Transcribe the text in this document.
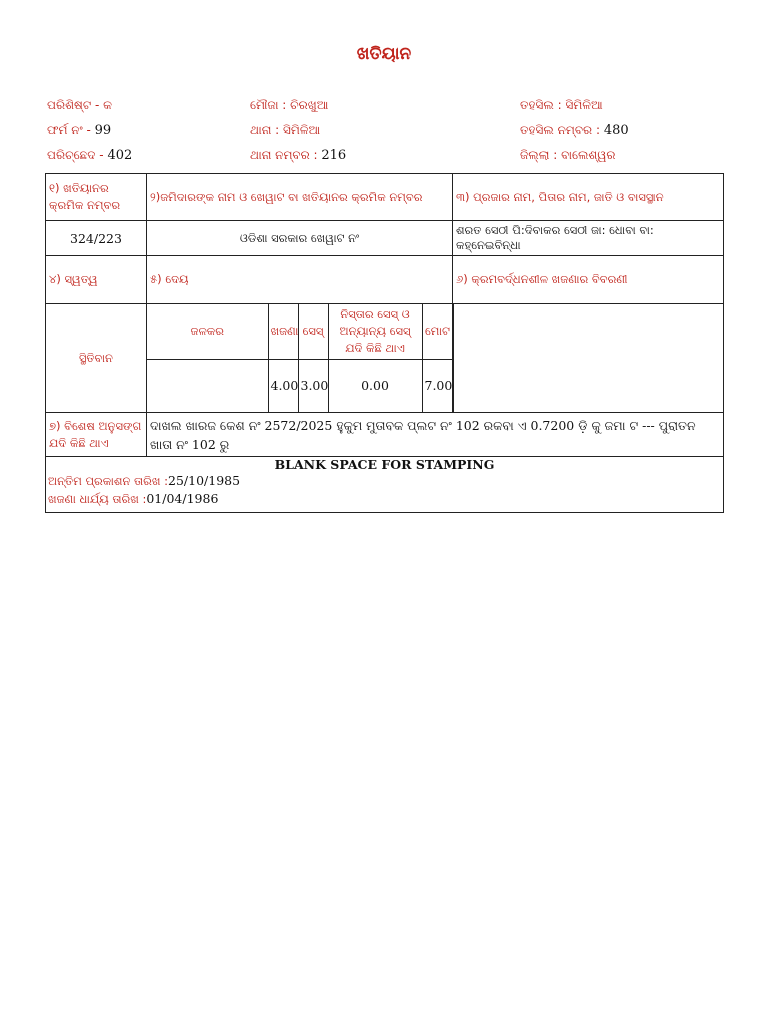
ଖତିୟାନ
ପରିଶିଷ୍ଟ - କ
ଫର୍ମ ନଂ - 99
ପରିଚ୍ଛେଦ - 402
ମୌଜା : ଚିରଖୁଆ
ଥାନା : ସିମିଳିଆ
ଥାନା ନମ୍ବର : 216
ତହସିଲ : ସିମିଳିଆ
ତହସିଲ ନମ୍ବର : 480
ଜିଲ୍ଲା : ବାଲେଶ୍ୱର
୧) ଖତିୟାନର କ୍ରମିକ ନମ୍ବର	୨)ଜମିଦାରଙ୍କ ନାମ ଓ ଖେୱାଟ ବା ଖତିୟାନର କ୍ରମିକ ନମ୍ବର	୩) ପ୍ରଜାର ନାମ, ପିତାର ନାମ, ଜାତି ଓ ବାସସ୍ଥାନ
324/223	ଓଡିଶା ସରକାର ଖେୱାଟ ନଂ	ଶରତ ସେଠୀ ପି:ଦିବାକର ସେଠୀ ଜା: ଧୋବା ବା: କହ୍ନେଇବିନ୍ଧା
୪) ସ୍ୱତ୍ୱ	୫) ଦେୟ	୬) କ୍ରମବର୍ଦ୍ଧନଶୀଳ ଖଜଣାର ବିବରଣୀ
ସ୍ଥିତିବାନ	
ଜଳକର	ଖଜଣା	ସେସ୍	ନିସ୍ତାର ସେସ୍ ଓ ଅନ୍ୟାନ୍ୟ ସେସ୍ ଯଦି କିଛି ଥାଏ	ମୋଟ
	4.00	3.00	0.00	7.00

୭) ବିଶେଷ ଅନୁସଙ୍ଗ ଯଦି କିଛି ଥାଏ	ଦାଖଲ ଖାରଜ କେଶ ନଂ 2572/2025 ହୁକୁମ ମୁତାବକ ପ୍ଲଟ ନଂ 102 ରକବା ଏ 0.7200 ଡ଼ି କୁ ଜମା ଟ --- ପୁରାତନ ଖାତା ନଂ 102 ରୁ

BLANK SPACE FOR STAMPING
ଅନ୍ତିମ ପ୍ରକାଶନ ତାରିଖ :25/10/1985
ଖଜଣା ଧାର୍ଯ୍ୟ ତାରିଖ :01/04/1986
